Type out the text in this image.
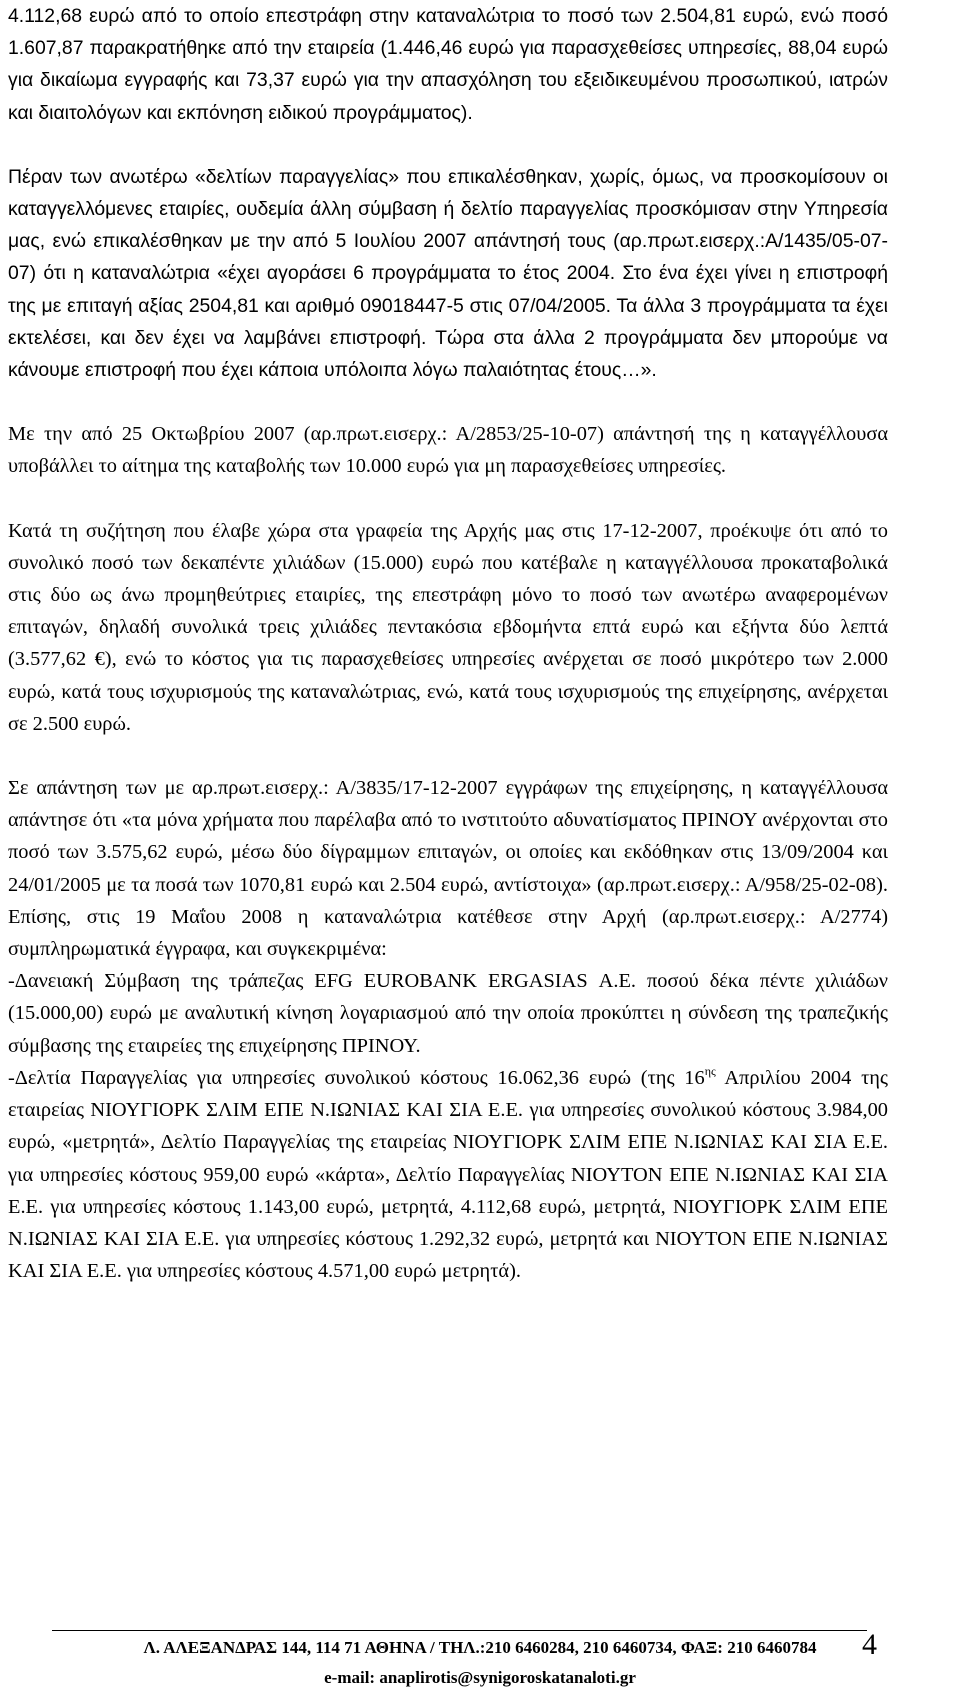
4.112,68 ευρώ από το οποίο επεστράφη στην καταναλώτρια το ποσό των 2.504,81 ευρώ, ενώ ποσό 1.607,87 παρακρατήθηκε από την εταιρεία (1.446,46 ευρώ για παρασχεθείσες υπηρεσίες, 88,04 ευρώ για δικαίωμα εγγραφής και 73,37 ευρώ για την απασχόληση του εξειδικευμένου προσωπικού, ιατρών και διαιτολόγων και εκπόνηση ειδικού προγράμματος).

Πέραν των ανωτέρω «δελτίων παραγγελίας» που επικαλέσθηκαν, χωρίς, όμως, να προσκομίσουν οι καταγγελλόμενες εταιρίες, ουδεμία άλλη σύμβαση ή δελτίο παραγγελίας προσκόμισαν στην Υπηρεσία μας, ενώ επικαλέσθηκαν με την από 5 Ιουλίου 2007 απάντησή τους (αρ.πρωτ.εισερχ.:Α/1435/05-07-07) ότι η καταναλώτρια «έχει αγοράσει 6 προγράμματα το έτος 2004. Στο ένα έχει γίνει η επιστροφή της με επιταγή αξίας 2504,81 και αριθμό 09018447-5 στις 07/04/2005. Τα άλλα 3 προγράμματα τα έχει εκτελέσει, και δεν έχει να λαμβάνει επιστροφή. Τώρα στα άλλα 2 προγράμματα δεν μπορούμε να κάνουμε επιστροφή που έχει κάποια υπόλοιπα λόγω παλαιότητας έτους…».

Με την από 25 Οκτωβρίου 2007 (αρ.πρωτ.εισερχ.: Α/2853/25-10-07) απάντησή της η καταγγέλλουσα υποβάλλει το αίτημα της καταβολής των 10.000 ευρώ για μη παρασχεθείσες υπηρεσίες.

Κατά τη συζήτηση που έλαβε χώρα στα γραφεία της Αρχής μας στις 17-12-2007, προέκυψε ότι από το συνολικό ποσό των δεκαπέντε χιλιάδων (15.000) ευρώ που κατέβαλε η καταγγέλλουσα προκαταβολικά στις δύο ως άνω προμηθεύτριες εταιρίες, της επεστράφη μόνο το ποσό των ανωτέρω αναφερομένων επιταγών, δηλαδή συνολικά τρεις χιλιάδες πεντακόσια εβδομήντα επτά ευρώ και εξήντα δύο λεπτά (3.577,62 €), ενώ το κόστος για τις παρασχεθείσες υπηρεσίες ανέρχεται σε ποσό μικρότερο των 2.000 ευρώ, κατά τους ισχυρισμούς της καταναλώτριας, ενώ, κατά τους ισχυρισμούς της επιχείρησης, ανέρχεται σε 2.500 ευρώ.

Σε απάντηση των με αρ.πρωτ.εισερχ.: Α/3835/17-12-2007 εγγράφων της επιχείρησης, η καταγγέλλουσα απάντησε ότι «τα μόνα χρήματα που παρέλαβα από το ινστιτούτο αδυνατίσματος ΠΡΙΝΟΥ ανέρχονται στο ποσό των 3.575,62 ευρώ, μέσω δύο δίγραμμων επιταγών, οι οποίες και εκδόθηκαν στις 13/09/2004 και 24/01/2005 με τα ποσά των 1070,81 ευρώ και 2.504 ευρώ, αντίστοιχα» (αρ.πρωτ.εισερχ.: Α/958/25-02-08). Επίσης, στις 19 Μαΐου 2008 η καταναλώτρια κατέθεσε στην Αρχή (αρ.πρωτ.εισερχ.: Α/2774) συμπληρωματικά έγγραφα, και συγκεκριμένα:

-Δανειακή Σύμβαση της τράπεζας EFG EUROBANK ERGASIAS Α.Ε. ποσού δέκα πέντε χιλιάδων (15.000,00) ευρώ με αναλυτική κίνηση λογαριασμού από την οποία προκύπτει η σύνδεση της τραπεζικής σύμβασης της εταιρείες της επιχείρησης ΠΡΙΝΟΥ.

-Δελτία Παραγγελίας για υπηρεσίες συνολικού κόστους 16.062,36 ευρώ (της $16^{\eta\varsigma}$ Απριλίου 2004 της εταιρείας ΝΙΟΥΓΙΟΡΚ ΣΛΙΜ ΕΠΕ Ν.ΙΩΝΙΑΣ ΚΑΙ ΣΙΑ Ε.Ε. για υπηρεσίες συνολικού κόστους 3.984,00 ευρώ, «μετρητά», Δελτίο Παραγγελίας της εταιρείας ΝΙΟΥΓΙΟΡΚ ΣΛΙΜ ΕΠΕ Ν.ΙΩΝΙΑΣ ΚΑΙ ΣΙΑ Ε.Ε. για υπηρεσίες κόστους 959,00 ευρώ «κάρτα», Δελτίο Παραγγελίας ΝΙΟΥΤΟΝ ΕΠΕ Ν.ΙΩΝΙΑΣ ΚΑΙ ΣΙΑ Ε.Ε. για υπηρεσίες κόστους 1.143,00 ευρώ, μετρητά, 4.112,68 ευρώ, μετρητά, ΝΙΟΥΓΙΟΡΚ ΣΛΙΜ ΕΠΕ Ν.ΙΩΝΙΑΣ ΚΑΙ ΣΙΑ Ε.Ε. για υπηρεσίες κόστους 1.292,32 ευρώ, μετρητά και ΝΙΟΥΤΟΝ ΕΠΕ Ν.ΙΩΝΙΑΣ ΚΑΙ ΣΙΑ Ε.Ε. για υπηρεσίες κόστους 4.571,00 ευρώ μετρητά).

Λ. ΑΛΕΞΑΝΔΡΑΣ 144, 114 71 ΑΘΗΝΑ / ΤΗΛ.:210 6460284, 210 6460734, ΦΑΞ: 210 6460784
e-mail: anaplirotis@synigoroskatanaloti.gr
4
